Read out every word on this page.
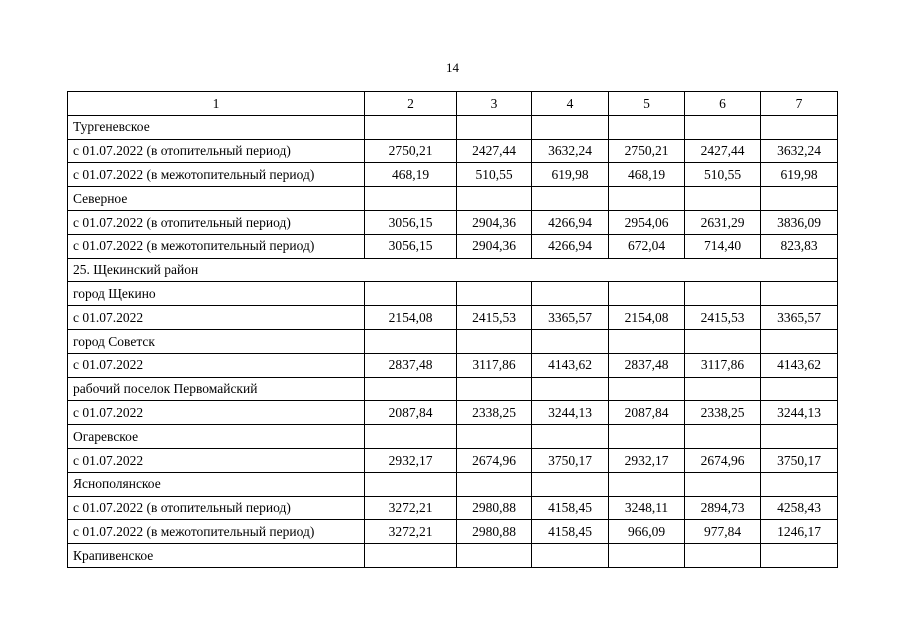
14
1	2	3	4	5	6	7
Тургеневское						
с 01.07.2022 (в отопительный период)	2750,21	2427,44	3632,24	2750,21	2427,44	3632,24
с 01.07.2022 (в межотопительный период)	468,19	510,55	619,98	468,19	510,55	619,98
Северное						
с 01.07.2022 (в отопительный период)	3056,15	2904,36	4266,94	2954,06	2631,29	3836,09
с 01.07.2022 (в межотопительный период)	3056,15	2904,36	4266,94	672,04	714,40	823,83
25. Щекинский район						
город Щекино						
с 01.07.2022	2154,08	2415,53	3365,57	2154,08	2415,53	3365,57
город Советск						
с 01.07.2022	2837,48	3117,86	4143,62	2837,48	3117,86	4143,62
рабочий поселок Первомайский						
с 01.07.2022	2087,84	2338,25	3244,13	2087,84	2338,25	3244,13
Огаревское						
с 01.07.2022	2932,17	2674,96	3750,17	2932,17	2674,96	3750,17
Яснополянское						
с 01.07.2022 (в отопительный период)	3272,21	2980,88	4158,45	3248,11	2894,73	4258,43
с 01.07.2022 (в межотопительный период)	3272,21	2980,88	4158,45	966,09	977,84	1246,17
Крапивенское						
